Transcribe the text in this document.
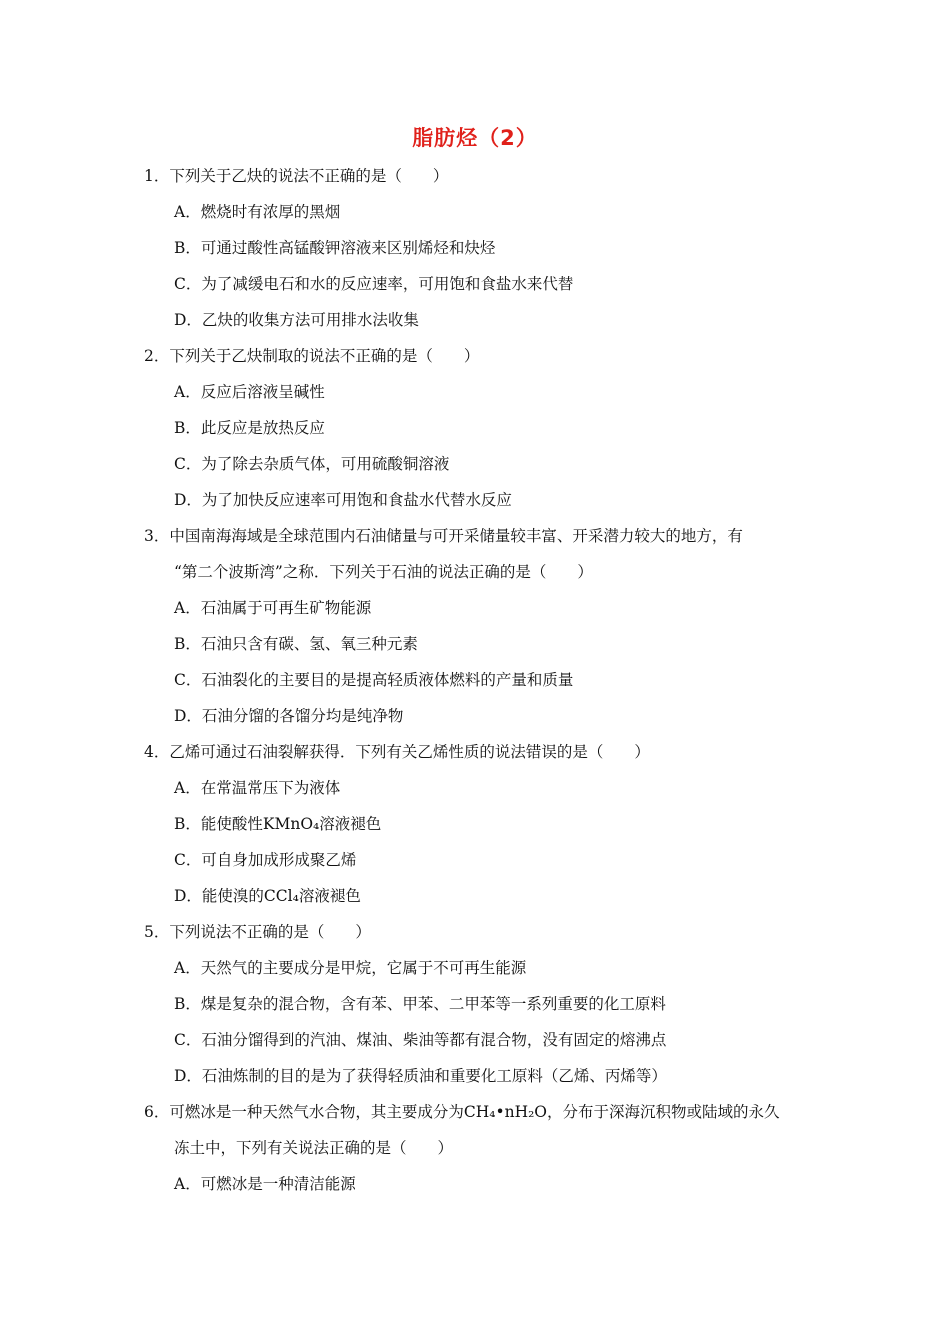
脂肪烃（2）
1．下列关于乙炔的说法不正确的是（　　）
A．燃烧时有浓厚的黑烟
B．可通过酸性高锰酸钾溶液来区别烯烃和炔烃
C．为了减缓电石和水的反应速率，可用饱和食盐水来代替
D．乙炔的收集方法可用排水法收集
2．下列关于乙炔制取的说法不正确的是（　　）
A．反应后溶液呈碱性
B．此反应是放热反应
C．为了除去杂质气体，可用硫酸铜溶液
D．为了加快反应速率可用饱和食盐水代替水反应
3．中国南海海域是全球范围内石油储量与可开采储量较丰富、开采潜力较大的地方，有
“第二个波斯湾”之称．下列关于石油的说法正确的是（　　）
A．石油属于可再生矿物能源
B．石油只含有碳、氢、氧三种元素
C．石油裂化的主要目的是提高轻质液体燃料的产量和质量
D．石油分馏的各馏分均是纯净物
4．乙烯可通过石油裂解获得．下列有关乙烯性质的说法错误的是（　　）
A．在常温常压下为液体
B．能使酸性KMnO₄溶液褪色
C．可自身加成形成聚乙烯
D．能使溴的CCl₄溶液褪色
5．下列说法不正确的是（　　）
A．天然气的主要成分是甲烷，它属于不可再生能源
B．煤是复杂的混合物，含有苯、甲苯、二甲苯等一系列重要的化工原料
C．石油分馏得到的汽油、煤油、柴油等都有混合物，没有固定的熔沸点
D．石油炼制的目的是为了获得轻质油和重要化工原料（乙烯、丙烯等）
6．可燃冰是一种天然气水合物，其主要成分为CH₄•nH₂O，分布于深海沉积物或陆域的永久
冻土中，下列有关说法正确的是（　　）
A．可燃冰是一种清洁能源
